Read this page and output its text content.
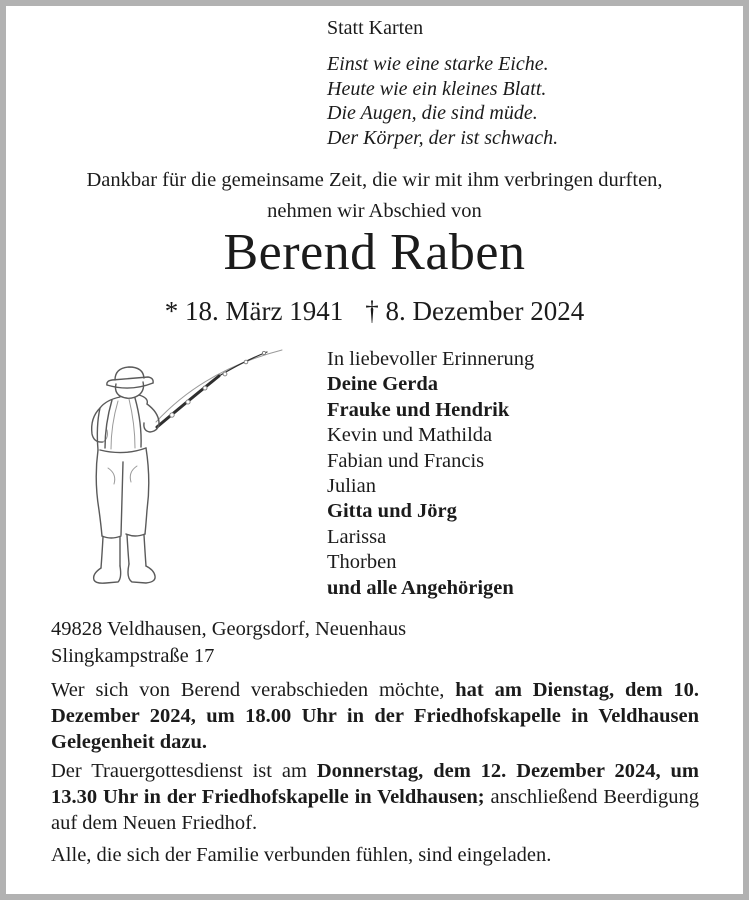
Statt Karten
Einst wie eine starke Eiche.
Heute wie ein kleines Blatt.
Die Augen, die sind müde.
Der Körper, der ist schwach.
Dankbar für die gemeinsame Zeit, die wir mit ihm verbringen durften,
nehmen wir Abschied von
Berend Raben
* 18. März 1941 † 8. Dezember 2024
In liebevoller Erinnerung
Deine Gerda
Frauke und Hendrik
Kevin und Mathilda
Fabian und Francis
Julian
Gitta und Jörg
Larissa
Thorben
und alle Angehörigen
49828 Veldhausen, Georgsdorf, Neuenhaus
Slingkampstraße 17
Wer sich von Berend verabschieden möchte, hat am Dienstag, dem 10. Dezember 2024, um 18.00 Uhr in der Friedhofskapelle in Veldhausen Gelegenheit dazu.
Der Trauergottesdienst ist am Donnerstag, dem 12. Dezember 2024, um 13.30 Uhr in der Friedhofskapelle in Veldhausen; anschließend Beerdigung auf dem Neuen Friedhof.
Alle, die sich der Familie verbunden fühlen, sind eingeladen.
